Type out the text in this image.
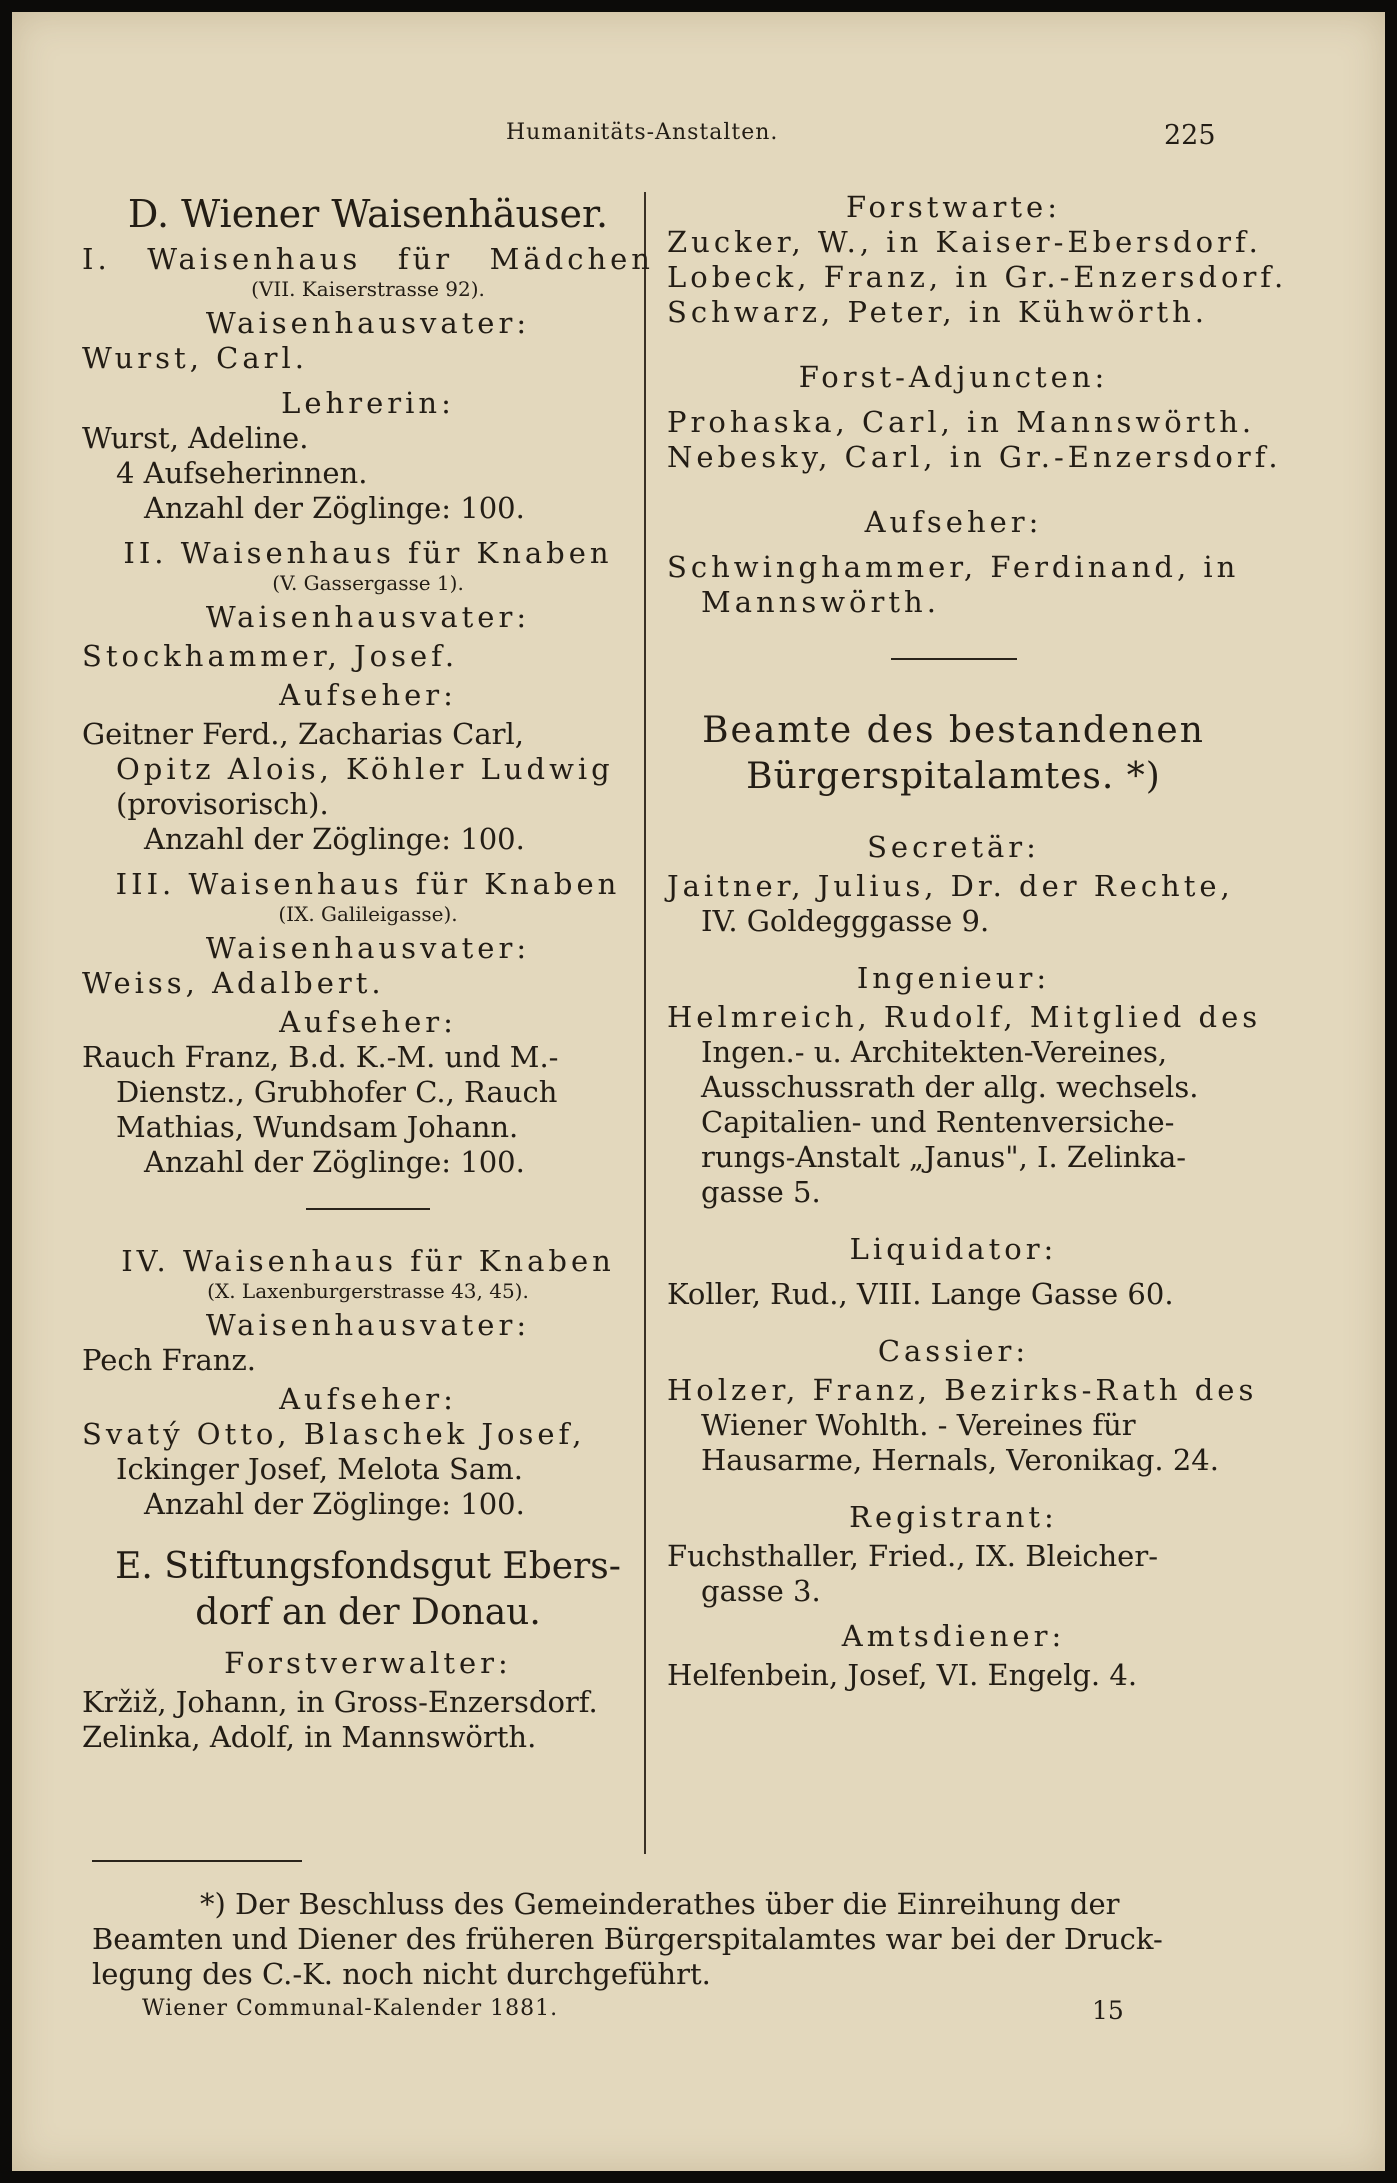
Humanitäts-Anstalten.	225
D. Wiener Waisenhäuser.
I. Waisenhaus für Mädchen
(VII. Kaiserstrasse 92).
Waisenhausvater:
Wurst, Carl.
Lehrerin:
Wurst, Adeline.
4 Aufseherinnen.
Anzahl der Zöglinge: 100.
II. Waisenhaus für Knaben
(V. Gassergasse 1).
Waisenhausvater:
Stockhammer, Josef.
Aufseher:
Geitner Ferd., Zacharias Carl,
Opitz Alois, Köhler Ludwig
(provisorisch).
Anzahl der Zöglinge: 100.
III. Waisenhaus für Knaben
(IX. Galileigasse).
Waisenhausvater:
Weiss, Adalbert.
Aufseher:
Rauch Franz, B.d. K.-M. und M.-
Dienstz., Grubhofer C., Rauch
Mathias, Wundsam Johann.
Anzahl der Zöglinge: 100.
IV. Waisenhaus für Knaben
(X. Laxenburgerstrasse 43, 45).
Waisenhausvater:
Pech Franz.
Aufseher:
Svatý Otto, Blaschek Josef,
Ickinger Josef, Melota Sam.
Anzahl der Zöglinge: 100.
E. Stiftungsfondsgut Ebers-
dorf an der Donau.
Forstverwalter:
Kržiž, Johann, in Gross-Enzersdorf.
Zelinka, Adolf, in Mannswörth.
Forstwarte:
Zucker, W., in Kaiser-Ebersdorf.
Lobeck, Franz, in Gr.-Enzersdorf.
Schwarz, Peter, in Kühwörth.
Forst-Adjuncten:
Prohaska, Carl, in Mannswörth.
Nebesky, Carl, in Gr.-Enzersdorf.
Aufseher:
Schwinghammer, Ferdinand, in
Mannswörth.
Beamte des bestandenen
Bürgerspitalamtes. *)
Secretär:
Jaitner, Julius, Dr. der Rechte,
IV. Goldegggasse 9.
Ingenieur:
Helmreich, Rudolf, Mitglied des
Ingen.- u. Architekten-Vereines,
Ausschussrath der allg. wechsels.
Capitalien- und Rentenversiche-
rungs-Anstalt „Janus", I. Zelinka-
gasse 5.
Liquidator:
Koller, Rud., VIII. Lange Gasse 60.
Cassier:
Holzer, Franz, Bezirks-Rath des
Wiener Wohlth. - Vereines für
Hausarme, Hernals, Veronikag. 24.
Registrant:
Fuchsthaller, Fried., IX. Bleicher-
gasse 3.
Amtsdiener:
Helfenbein, Josef, VI. Engelg. 4.
*) Der Beschluss des Gemeinderathes über die Einreihung der
Beamten und Diener des früheren Bürgerspitalamtes war bei der Druck-
legung des C.-K. noch nicht durchgeführt.
Wiener Communal-Kalender 1881.	15
